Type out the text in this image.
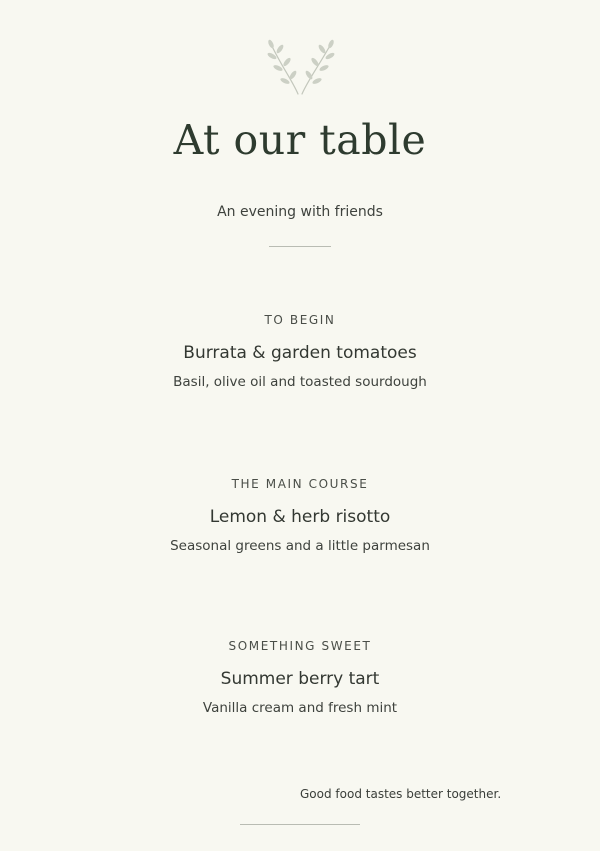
At our table
An evening with friends
TO BEGIN
Burrata & garden tomatoes
Basil, olive oil and toasted sourdough
THE MAIN COURSE
Lemon & herb risotto
Seasonal greens and a little parmesan
SOMETHING SWEET
Summer berry tart
Vanilla cream and fresh mint
Good food tastes better together.
